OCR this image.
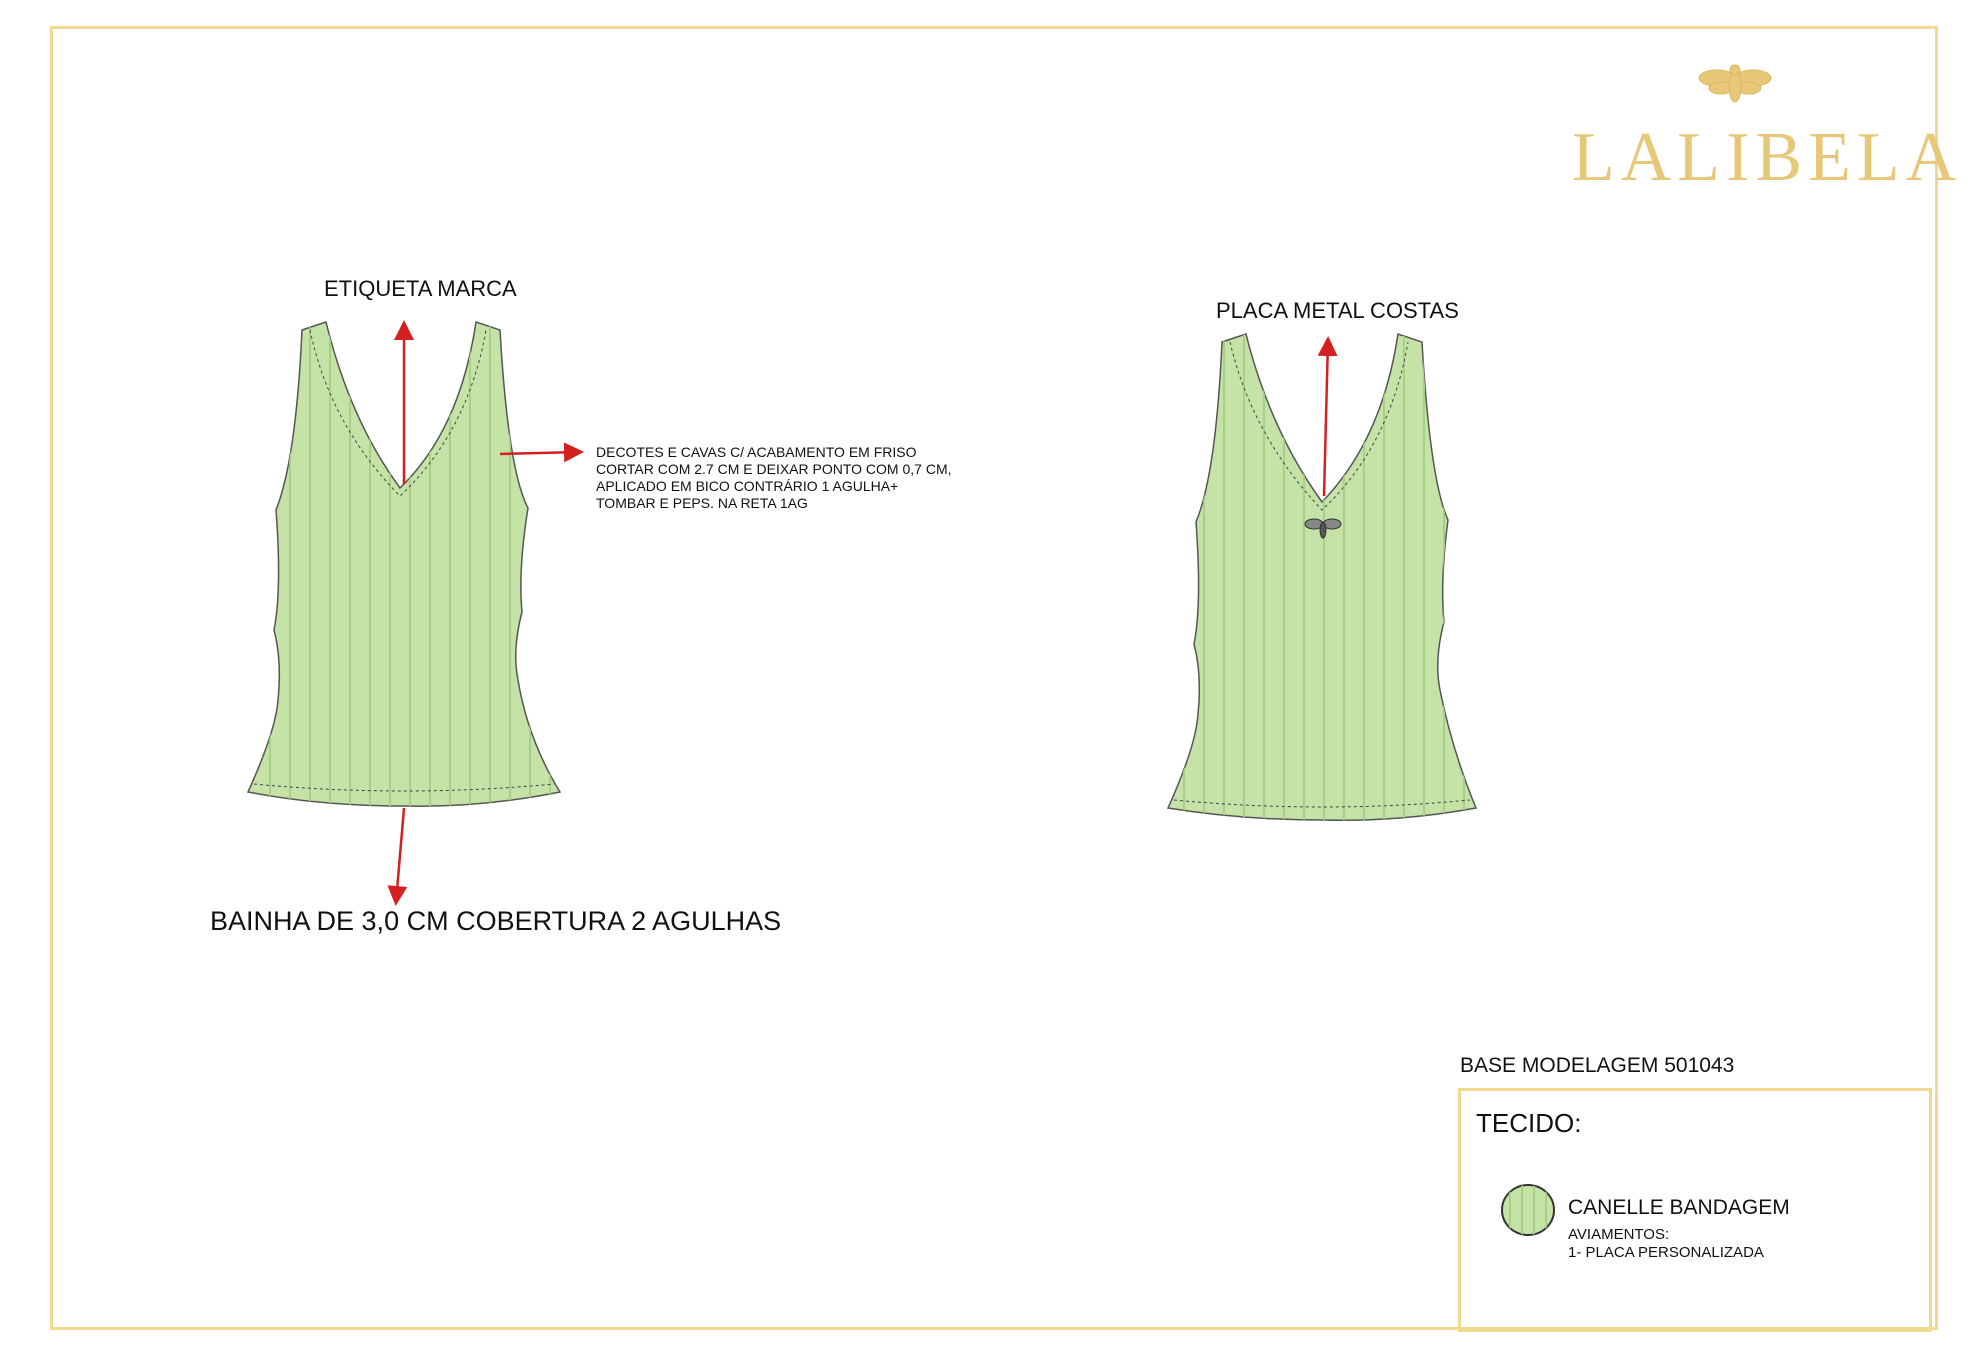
LALIBELA
ETIQUETA MARCA
PLACA METAL COSTAS
DECOTES E CAVAS C/ ACABAMENTO EM FRISO
CORTAR COM 2.7 CM E DEIXAR PONTO COM 0,7 CM,
APLICADO EM BICO CONTRÁRIO 1 AGULHA+
TOMBAR E PEPS. NA RETA 1AG
BAINHA DE 3,0 CM COBERTURA 2 AGULHAS
BASE MODELAGEM 501043
TECIDO:
CANELLE BANDAGEM
AVIAMENTOS:
1- PLACA PERSONALIZADA
